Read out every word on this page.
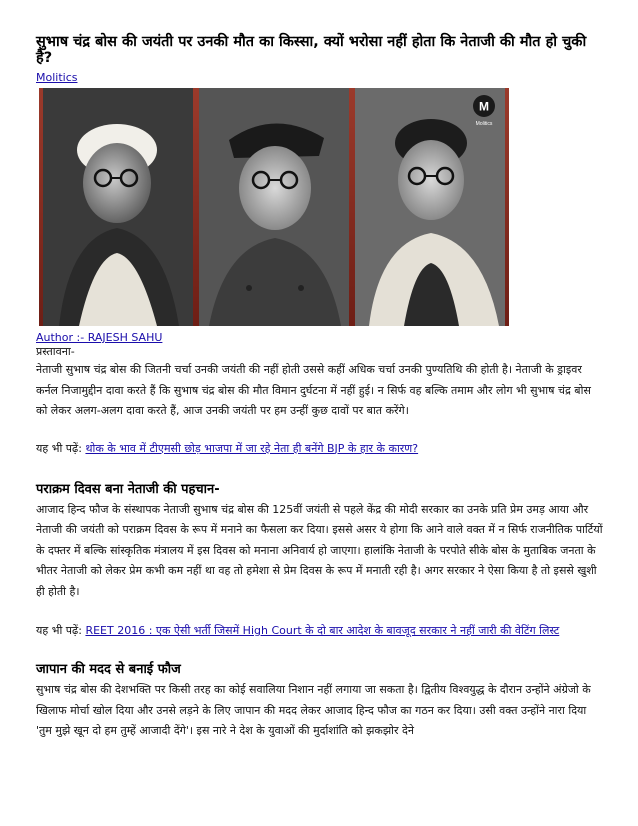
सुभाष चंद्र बोस की जयंती पर उनकी मौत का किस्सा, क्यों भरोसा नहीं होता कि नेताजी की मौत हो चुकी है?
Molitics
M
Molitics
Author :- RAJESH SAHU

प्रस्तावना-

नेताजी सुभाष चंद्र बोस की जितनी चर्चा उनकी जयंती की नहीं होती उससे कहीं अधिक चर्चा उनकी पुण्यतिथि की होती है। नेताजी के ड्राइवर कर्नल निजामुद्दीन दावा करते हैं कि सुभाष चंद्र बोस की मौत विमान दुर्घटना में नहीं हुई। न सिर्फ वह बल्कि तमाम और लोग भी सुभाष चंद्र बोस को लेकर अलग-अलग दावा करते हैं, आज उनकी जयंती पर हम उन्हीं कुछ दावों पर बात करेंगे।

यह भी पढ़ें: थोक के भाव में टीएमसी छोड़ भाजपा में जा रहे नेता ही बनेंगे BJP के हार के कारण?

पराक्रम दिवस बना नेताजी की पहचान-

आजाद हिन्द फौज के संस्थापक नेताजी सुभाष चंद्र बोस की 125वीं जयंती से पहले केंद्र की मोदी सरकार का उनके प्रति प्रेम उमड़ आया और नेताजी की जयंती को पराक्रम दिवस के रूप में मनाने का फैसला कर दिया। इससे असर ये होगा कि आने वाले वक्त में न सिर्फ राजनीतिक पार्टियों के दफ्तर में बल्कि सांस्कृतिक मंत्रालय में इस दिवस को मनाना अनिवार्य हो जाएगा। हालांकि नेताजी के परपोते सीके बोस के मुताबिक जनता के भीतर नेताजी को लेकर प्रेम कभी कम नहीं था वह तो हमेशा से प्रेम दिवस के रूप में मनाती रही है। अगर सरकार ने ऐसा किया है तो इससे खुशी ही होती है।

यह भी पढ़ें: REET 2016 : एक ऐसी भर्ती जिसमें High Court के दो बार आदेश के बावजूद सरकार ने नहीं जारी की वेटिंग लिस्ट

जापान की मदद से बनाई फौज

सुभाष चंद्र बोस की देशभक्ति पर किसी तरह का कोई सवालिया निशान नहीं लगाया जा सकता है। द्वितीय विश्वयुद्ध के दौरान उन्होंने अंग्रेजो के खिलाफ मोर्चा खोल दिया और उनसे लड़ने के लिए जापान की मदद लेकर आजाद हिन्द फौज का गठन कर दिया। उसी वक्त उन्होंने नारा दिया 'तुम मुझे खून दो हम तुम्हें आजादी देंगे'। इस नारे ने देश के युवाओं की मुर्दाशांति को झकझोर देने
